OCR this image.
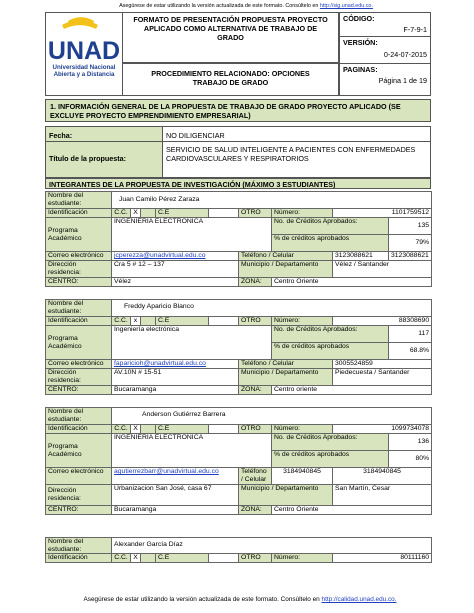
Asegúrese de estar utilizando la versión actualizada de este formato. Consúltelo en http://sig.unad.edu.co.
UNAD
Universidad Nacional
Abierta y a Distancia
FORMATO DE PRESENTACIÓN PROPUESTA PROYECTO APLICADO COMO ALTERNATIVA DE TRABAJO DE GRADO
PROCEDIMIENTO RELACIONADO: OPCIONES TRABAJO DE GRADO
CÓDIGO:
F-7-9-1
VERSIÓN:
0-24-07-2015
PAGINAS:
Página 1 de 19
1. INFORMACIÓN GENERAL DE LA PROPUESTA DE TRABAJO DE GRADO PROYECTO APLICADO (SE EXCLUYE PROYECTO EMPRENDIMIENTO EMPRESARIAL)
Fecha:	NO DILIGENCIAR
Título de la propuesta:
SERVICIO DE SALUD INTELIGENTE A PACIENTES CON ENFERMEDADES CARDIOVASCULARES Y RESPIRATORIOS
INTEGRANTES DE LA PROPUESTA DE INVESTIGACIÓN (MÁXIMO 3 ESTUDIANTES)
Nombre del estudiante:	Juan Camilo Pérez Zaraza								
Identificación	C.C.	X		C.E		OTRO	Número:	1101759512	
Programa Académico	INGENIERIA ELECTRONICA						No. de Créditos Aprobados:		135
							% de créditos aprobados		79%
Correo electrónico	jcperezza@unadvirtual.edu.co					Teléfono / Celular		3123088621	3123088621
Dirección residencia:	Cra 5 # 12 – 137					Municipio / Departamento		Vélez / Santander	
CENTRO:	Vélez					ZONA:	Centro Oriente		
Nombre del estudiante:	Freddy Aparicio Blanco								
Identificación	C.C.	x		C.E		OTRO	Número:	88308690	
Programa Académico	Ingeniería electrónica						No. de Créditos Aprobados:		117
							% de créditos aprobados		68.8%
Correo electrónico	faparicioh@unadvirtual.edu.co					Teléfono / Celular		3005524859	
Dirección residencia:	AV.10N # 15-51					Municipio / Departamento		Piedecuesta / Santander	
CENTRO:	Bucaramanga					ZONA:	Centro oriente		
Nombre del estudiante:	Anderson Gutiérrez Barrera								
Identificación	C.C.	X		C.E		OTRO	Número:	1099734078	
Programa Académico	INGENIERIA ELECTRONICA						No. de Créditos Aprobados:		136
							% de créditos aprobados		80%
Correo electrónico	agutierrezbarr@unadvirtual.edu.co					Teléfono / Celular	3184940845	3184940845	
Dirección residencia:	Urbanizacion San José, casa 67					Municipio / Departamento		San Martín, Cesar	
CENTRO:	Bucaramanga					ZONA:	Centro Oriente		
Nombre del estudiante:	Alexander García Díaz							
Identificación	C.C.	X		C.E		OTRO	Número:	80111160
Asegúrese de estar utilizando la versión actualizada de este formato. Consúltelo en http://calidad.unad.edu.co.
